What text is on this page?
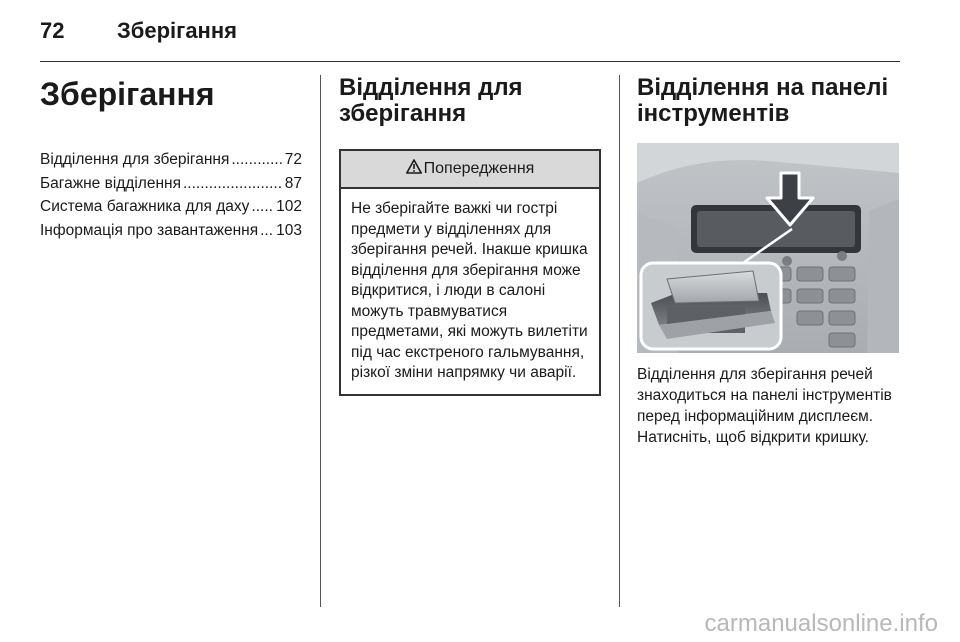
72 Зберігання
Зберігання
Відділення для зберігання .....	72
Багажне відділення .....	87
Система багажника для даху ..... 102
Інформація про завантаження ..... 103
Відділення для зберігання
Попередження
Не зберігайте важкі чи гострі предмети у відділеннях для зберігання речей. Інакше кришка відділення для зберігання може відкритися, і люди в салоні можуть травмуватися предметами, які можуть вилетіти під час екстреного гальмування, різкої зміни напрямку чи аварії.
Відділення на панелі інструментів
Відділення для зберігання речей знаходиться на панелі інструментів перед інформаційним дисплеєм. Натисніть, щоб відкрити кришку.
carmanualsonline.info
